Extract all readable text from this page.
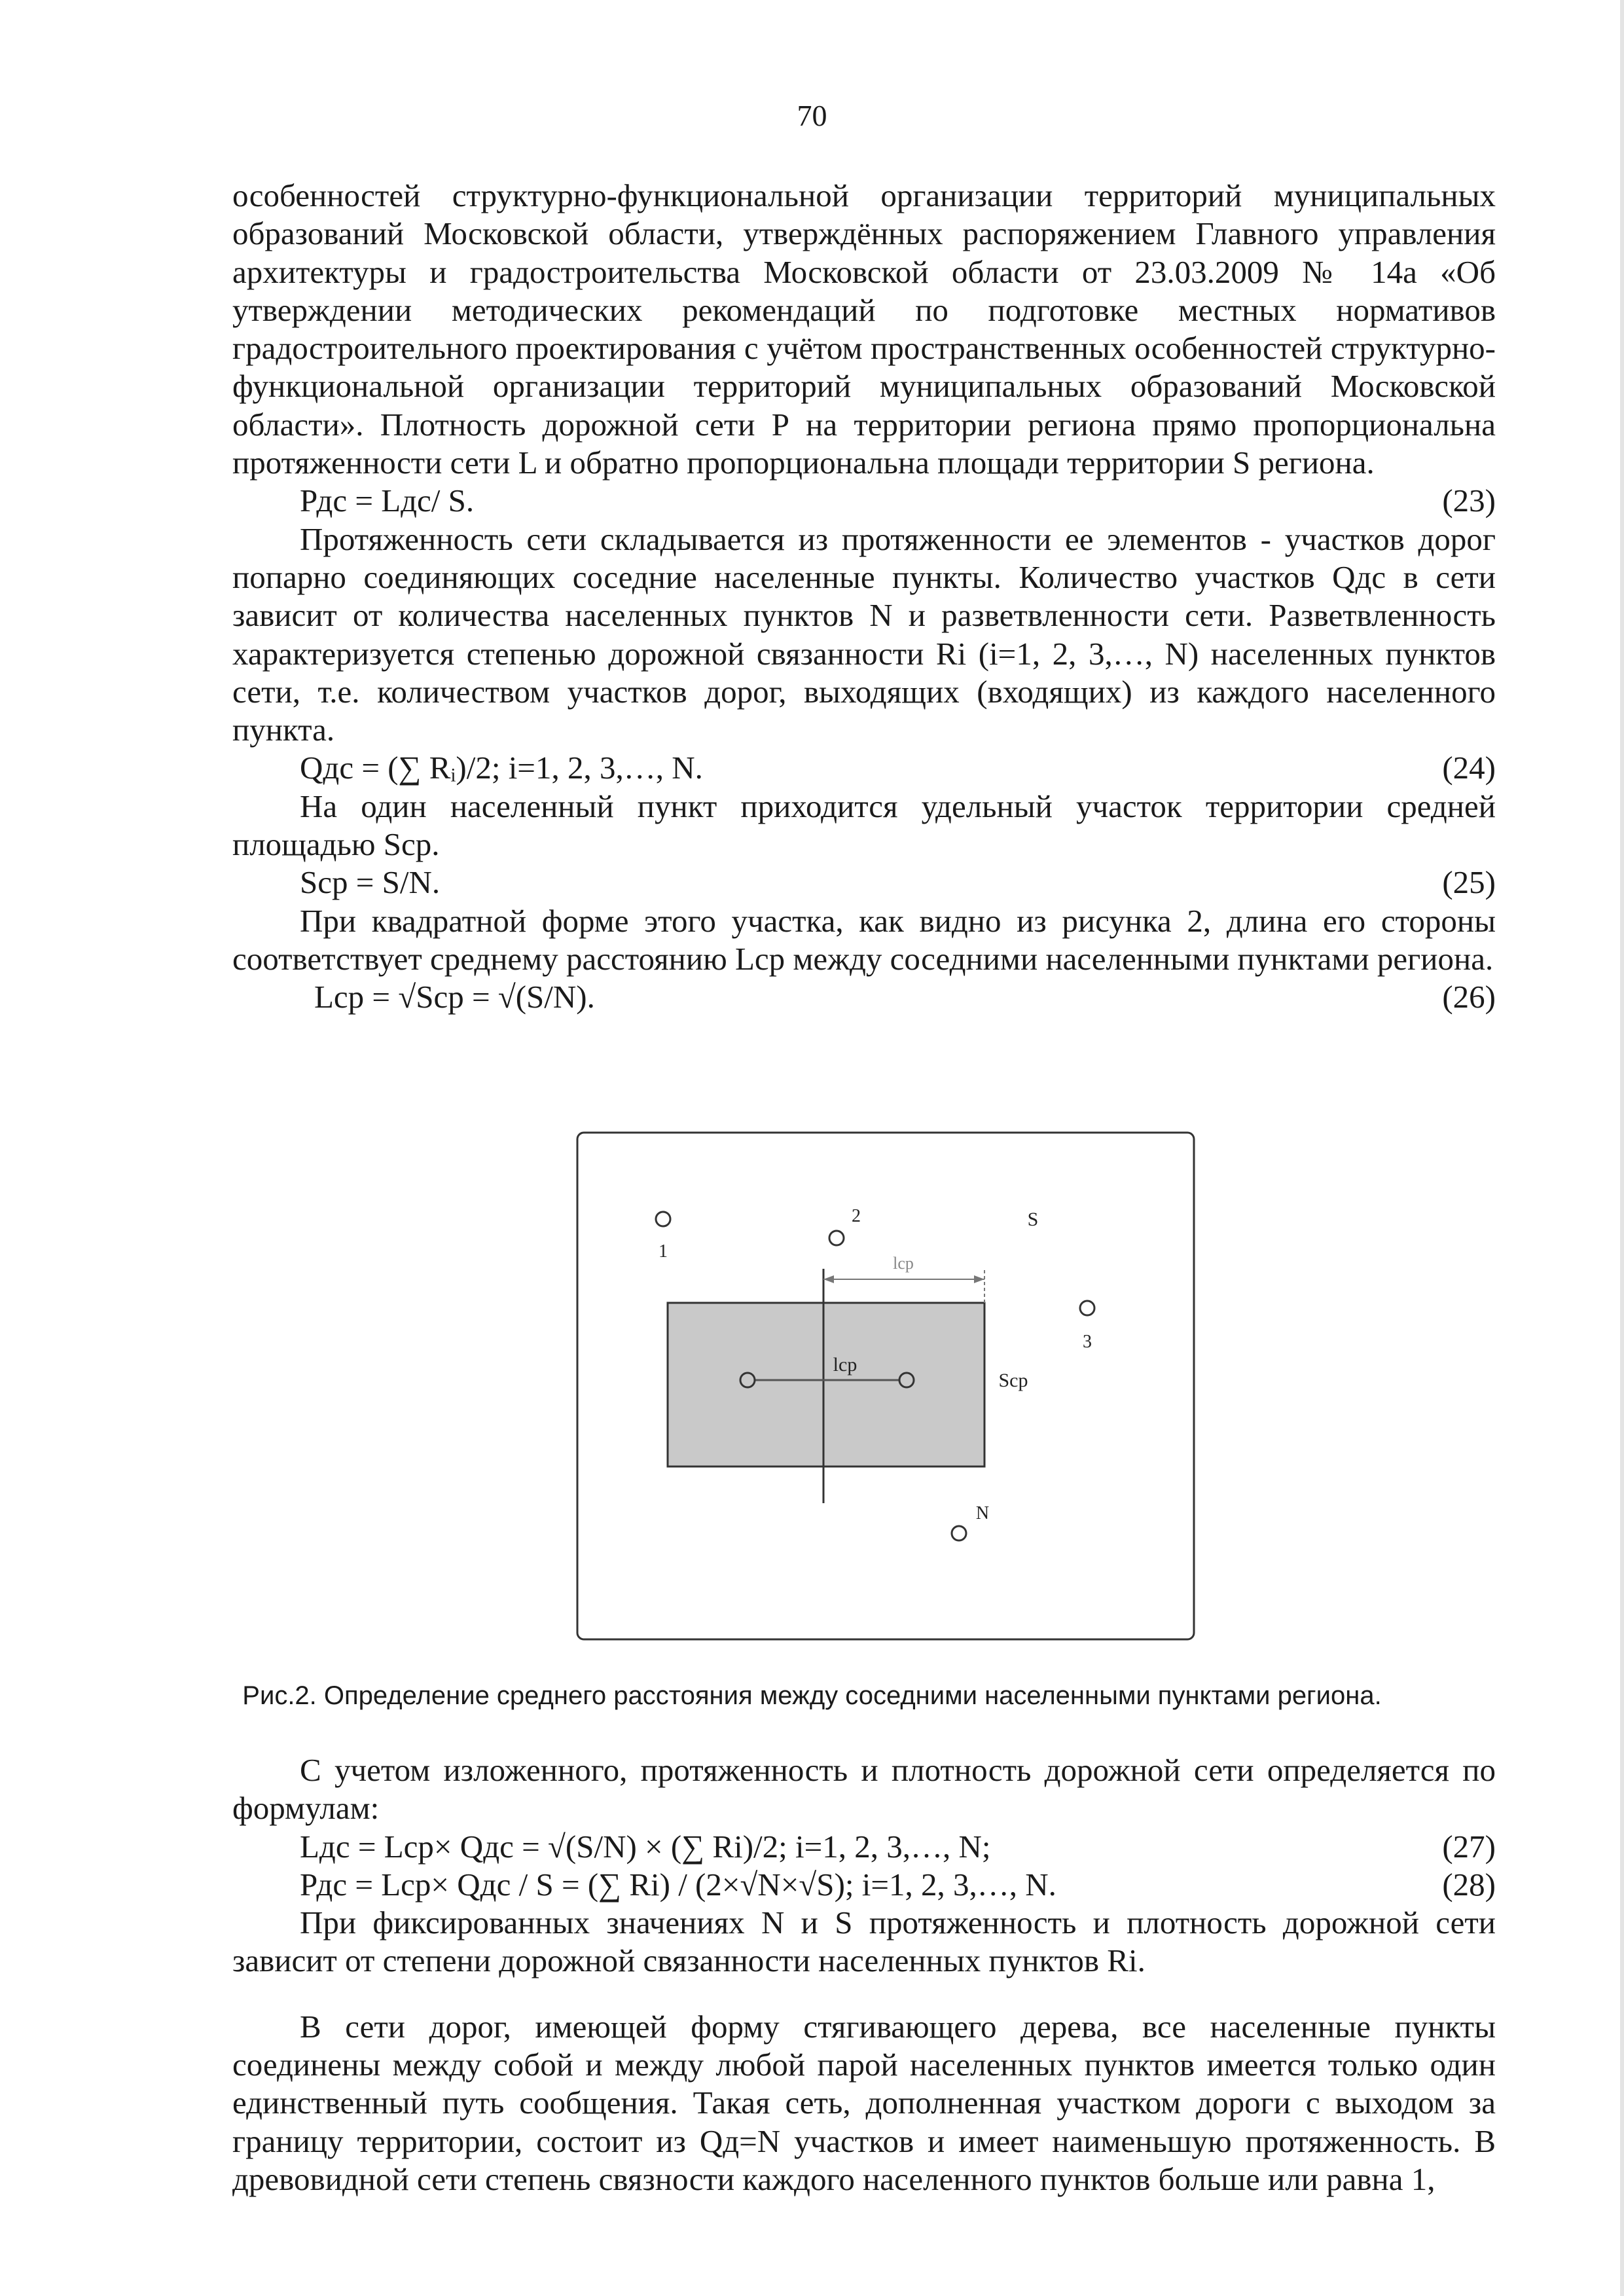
70

особенностей структурно-функциональной организации территорий муниципальных образований Московской области, утверждённых распоряжением Главного управления архитектуры и градостроительства Московской области от 23.03.2009 № 14а «Об утверждении методических рекомендаций по подготовке местных нормативов градостроительного проектирования с учётом пространственных особенностей структурно-функциональной организации территорий муниципальных образований Московской области». Плотность дорожной сети Р на территории региона прямо пропорциональна протяженности сети L и обратно пропорциональна площади территории S региона.

Рдс = Lдс/ S.	(23)

Протяженность сети складывается из протяженности ее элементов - участков дорог попарно соединяющих соседние населенные пункты. Количество участков Qдс в сети зависит от количества населенных пунктов N и разветвленности сети. Разветвленность характеризуется степенью дорожной связанности Ri (i=1, 2, 3,…, N) населенных пунктов сети, т.е. количеством участков дорог, выходящих (входящих) из каждого населенного пункта.

Qдс = (∑ Rᵢ)/2; i=1, 2, 3,…, N.	(24)

На один населенный пункт приходится удельный участок территории средней площадью Sср.

Sср = S/N.	(25)

При квадратной форме этого участка, как видно из рисунка 2, длина его стороны соответствует среднему расстоянию Lср между соседними населенными пунктами региона.

Lср = √Sср = √(S/N).	(26)
1
2	S
lcp
3
lcp
Scp
N
Рис.2. Определение среднего расстояния между соседними населенными пунктами региона.

С учетом изложенного, протяженность и плотность дорожной сети определяется по формулам:

Lдс = Lср× Qдс = √(S/N) × (∑ Ri)/2; i=1, 2, 3,…, N;	(27)
Рдс = Lср× Qдс / S = (∑ Ri) / (2×√N×√S); i=1, 2, 3,…, N.	(28)

При фиксированных значениях N и S протяженность и плотность дорожной сети зависит от степени дорожной связанности населенных пунктов Ri.

В сети дорог, имеющей форму стягивающего дерева, все населенные пункты соединены между собой и между любой парой населенных пунктов имеется только один единственный путь сообщения. Такая сеть, дополненная участком дороги с выходом за границу территории, состоит из Qд=N участков и имеет наименьшую протяженность. В древовидной сети степень связности каждого населенного пунктов больше или равна 1,
